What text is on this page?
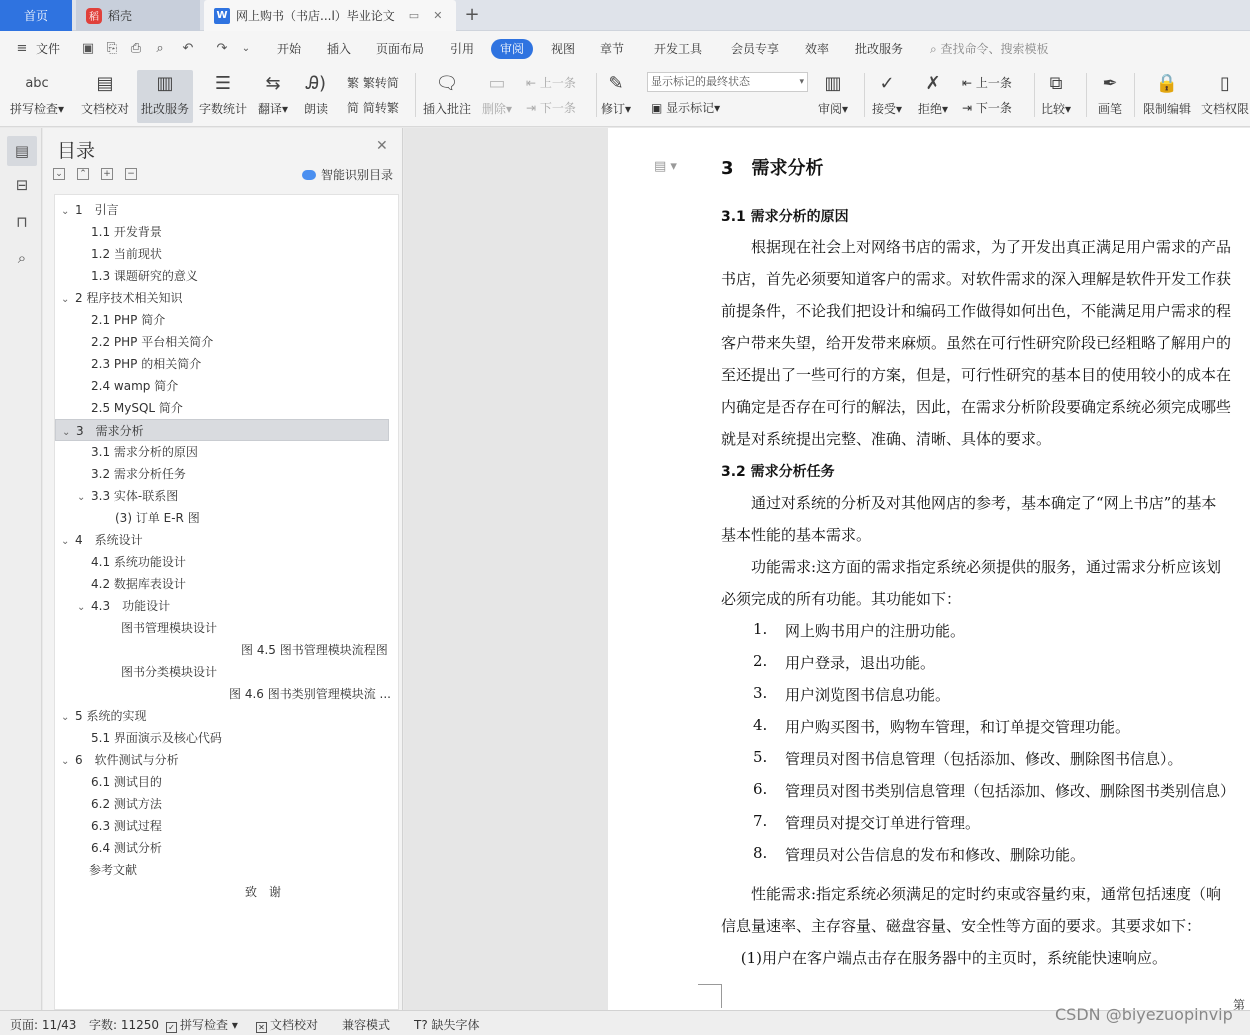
首页	稻 稻壳	W 网上购书（书店...l）毕业论文 ▭ ✕ +
≡ 文件 ▣ ⎘ ⎙	⌕	↶ ↷	⌄	开始 插入 页面布局 引用	审阅	视图 章节 开发工具 会员专享 效率 批改服务 ⌕ 查找命令、搜索模板
abc
拼写检查▾
▤
文档校对
▥
批改服务
☰
字数统计
⇆
翻译▾
Ꭿ)
朗读
繁 繁转简
简 简转繁
🗨
插入批注
▭
删除▾
⇤ 上一条
⇥ 下一条
✎
修订▾
显示标记的最终状态	▾
▣ 显示标记▾
▥
审阅▾
✓
接受▾
✗
拒绝▾
⇤ 上一条
⇥ 下一条
⧉
比较▾
✒
画笔
🔒
限制编辑
▯
文档权限
▤
⊟
⊓
⌕
目录	✕
⌄ ⌃ + −	智能识别目录
⌄ 1　引言
1.1 开发背景
1.2 当前现状
1.3 课题研究的意义
⌄ 2 程序技术相关知识
2.1 PHP 简介
2.2 PHP 平台相关简介
2.3 PHP 的相关简介
2.4 wamp 简介
2.5 MySQL 简介
⌄ 3　需求分析
3.1 需求分析的原因
3.2 需求分析任务
⌄ 3.3 实体-联系图
(3) 订单 E-R 图
⌄ 4　系统设计
4.1 系统功能设计
4.2 数据库表设计
⌄ 4.3　功能设计
图书管理模块设计
图 4.5 图书管理模块流程图
图书分类模块设计
图 4.6 图书类别管理模块流 ...
⌄ 5 系统的实现
5.1 界面演示及核心代码
⌄ 6　软件测试与分析
6.1 测试目的
6.2 测试方法
6.3 测试过程
6.4 测试分析
参考文献
致　谢
▤ ▾ 3　需求分析
3.1 需求分析的原因
　　根据现在社会上对网络书店的需求，为了开发出真正满足用户需求的产品
书店，首先必须要知道客户的需求。对软件需求的深入理解是软件开发工作获
前提条件，不论我们把设计和编码工作做得如何出色，不能满足用户需求的程
客户带来失望，给开发带来麻烦。虽然在可行性研究阶段已经粗略了解用户的
至还提出了一些可行的方案，但是，可行性研究的基本目的使用较小的成本在
内确定是否存在可行的解法，因此，在需求分析阶段要确定系统必须完成哪些
就是对系统提出完整、准确、清晰、具体的要求。
3.2 需求分析任务
　　通过对系统的分析及对其他网店的参考，基本确定了“网上书店”的基本
基本性能的基本需求。
　　功能需求:这方面的需求指定系统必须提供的服务，通过需求分析应该划
必须完成的所有功能。其功能如下：
1. 网上购书用户的注册功能。
2. 用户登录，退出功能。
3. 用户浏览图书信息功能。
4. 用户购买图书，购物车管理，和订单提交管理功能。
5. 管理员对图书信息管理（包括添加、修改、删除图书信息）。
6. 管理员对图书类别信息管理（包括添加、修改、删除图书类别信息）
7. 管理员对提交订单进行管理。
8. 管理员对公告信息的发布和修改、删除功能。
　　性能需求:指定系统必须满足的定时约束或容量约束，通常包括速度（响
信息量速率、主存容量、磁盘容量、安全性等方面的要求。其要求如下：
　 (1)用户在客户端点击存在服务器中的主页时，系统能快速响应。
第
页面: 11/43 字数: 11250 ✓ 拼写检查 ▾	✕ 文档校对 兼容模式 T? 缺失字体
CSDN @biyezuopinvip
